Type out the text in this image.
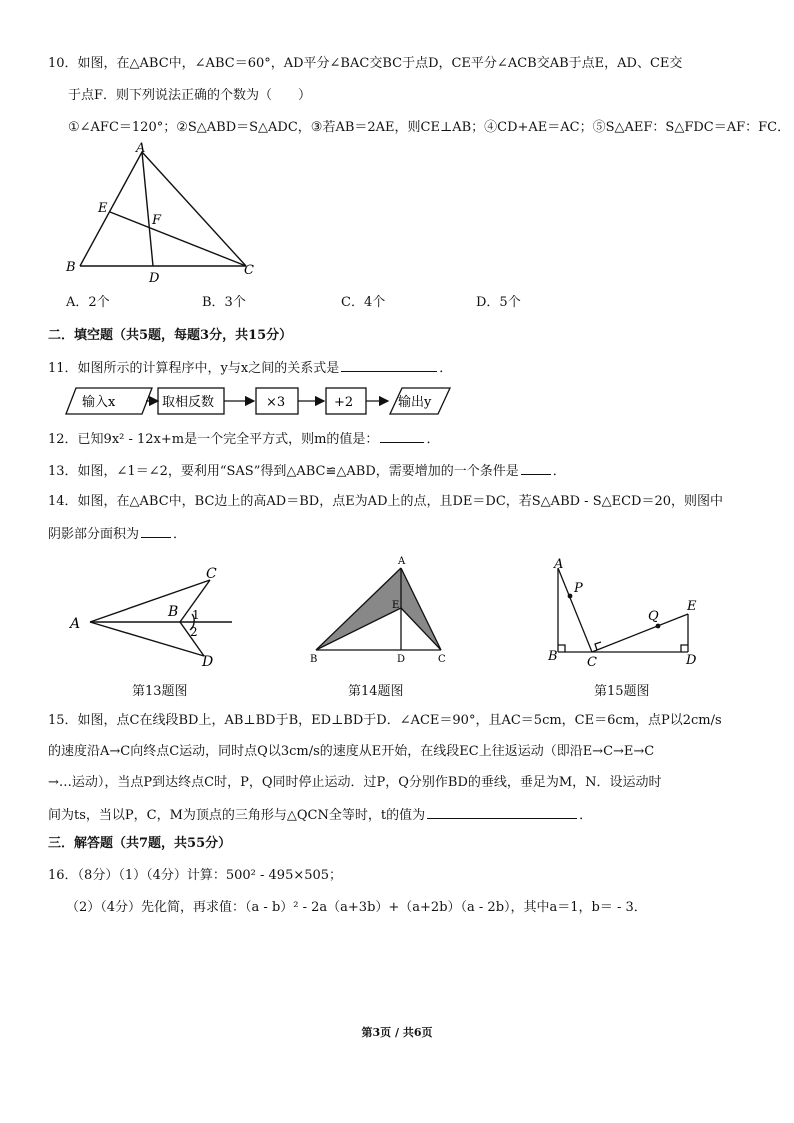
10．如图，在△ABC中，∠ABC＝60°，AD平分∠BAC交BC于点D，CE平分∠ACB交AB于点E，AD、CE交
于点F．则下列说法正确的个数为（　　）
①∠AFC＝120°；②S△ABD＝S△ADC，③若AB＝2AE，则CE⊥AB；④CD+AE＝AC；⑤S△AEF：S△FDC＝AF：FC．
A
B	C
D
E
F
A．2个	B．3个	C．4个	D．5个
二．填空题（共5题，每题3分，共15分）
11．如图所示的计算程序中，y与x之间的关系式是	．
输入x	取相反数	×3	+2	输出y
12．已知9x² - 12x+m是一个完全平方式，则m的值是：	．
13．如图，∠1＝∠2，要利用“SAS”得到△ABC≌△ABD，需要增加的一个条件是	．
14．如图，在△ABC中，BC边上的高AD＝BD，点E为AD上的点，且DE＝DC，若S△ABD - S△ECD＝20，则图中
阴影部分面积为	．
A
B
C
D
1
2
第13题图
A
B	C
D
E
第14题图
A
B C	D
E
P
Q
第15题图
15．如图，点C在线段BD上，AB⊥BD于B，ED⊥BD于D．∠ACE＝90°，且AC＝5cm，CE＝6cm，点P以2cm/s
的速度沿A→C向终点C运动，同时点Q以3cm/s的速度从E开始，在线段EC上往返运动（即沿E→C→E→C
→…运动），当点P到达终点C时，P，Q同时停止运动．过P，Q分别作BD的垂线，垂足为M，N．设运动时
间为ts，当以P，C，M为顶点的三角形与△QCN全等时，t的值为	．
三．解答题（共7题，共55分）
16．（8分）（1）（4分）计算：500² - 495×505；
（2）（4分）先化简，再求值：（a - b）² - 2a（a+3b）+（a+2b）（a - 2b），其中a＝1，b＝ - 3．
第3页 / 共6页
